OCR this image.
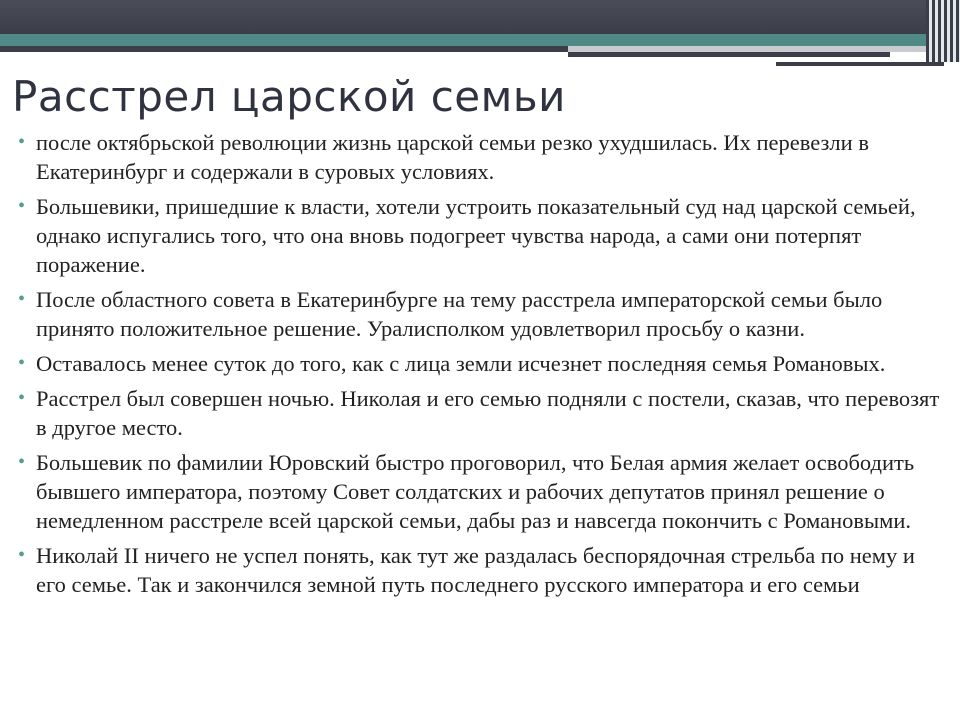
Расстрел царской семьи
• после октябрьской революции жизнь царской семьи резко ухудшилась. Их перевезли в Екатеринбург и содержали в суровых условиях.
• Большевики, пришедшие к власти, хотели устроить показательный суд над царской семьей, однако испугались того, что она вновь подогреет чувства народа, а сами они потерпят поражение.
• После областного совета в Екатеринбурге на тему расстрела императорской семьи было принято положительное решение. Уралисполком удовлетворил просьбу о казни.
• Оставалось менее суток до того, как с лица земли исчезнет последняя семья Романовых.
• Расстрел был совершен ночью. Николая и его семью подняли с постели, сказав, что перевозят в другое место.
• Большевик по фамилии Юровский быстро проговорил, что Белая армия желает освободить бывшего императора, поэтому Совет солдатских и рабочих депутатов принял решение о немедленном расстреле всей царской семьи, дабы раз и навсегда покончить с Романовыми.
• Николай II ничего не успел понять, как тут же раздалась беспорядочная стрельба по нему и его семье. Так и закончился земной путь последнего русского императора и его семьи
